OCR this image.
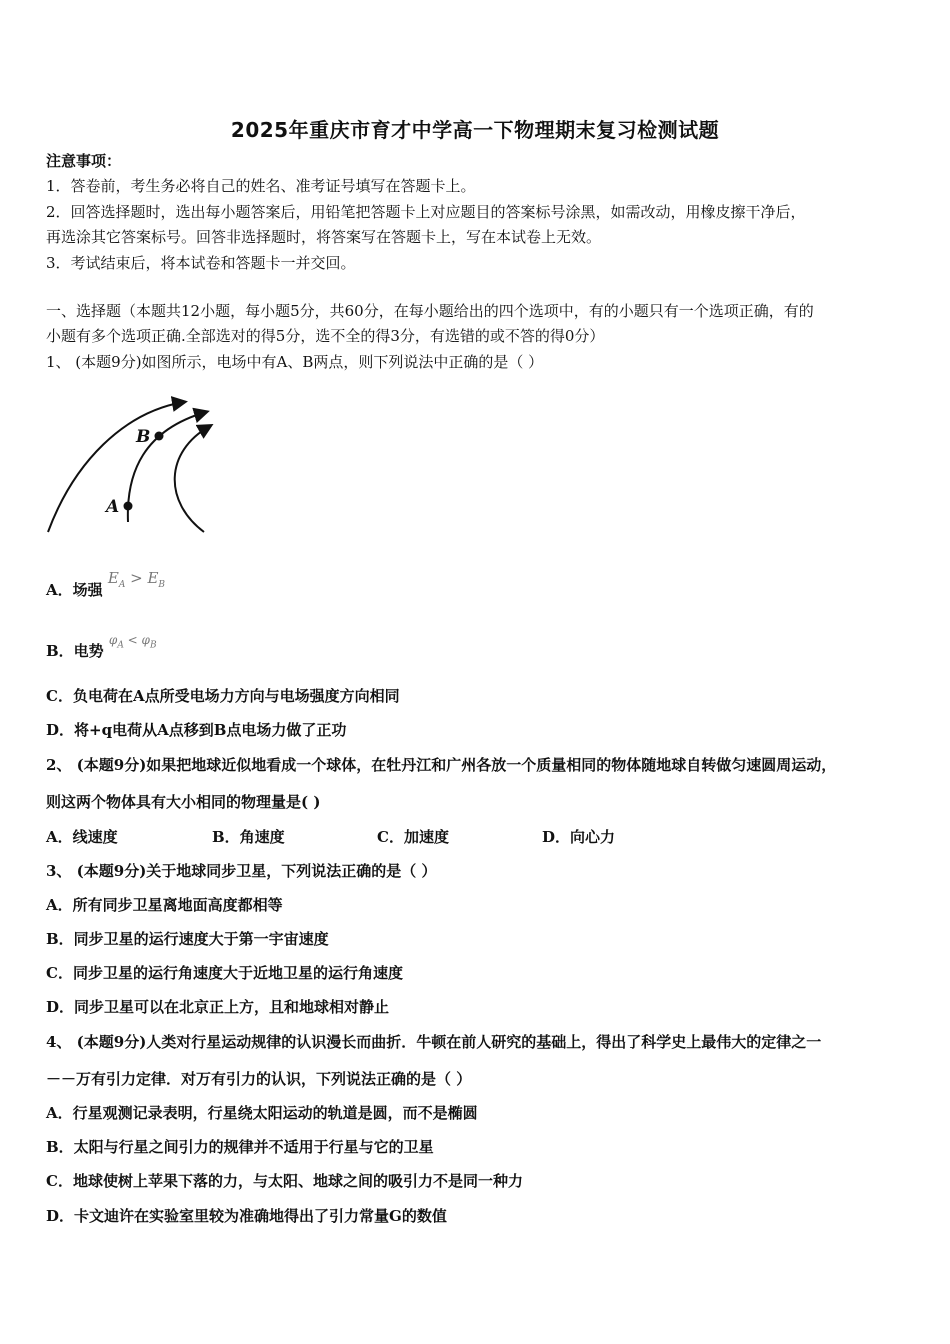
2025年重庆市育才中学高一下物理期末复习检测试题
注意事项：
1．答卷前，考生务必将自己的姓名、准考证号填写在答题卡上。
2．回答选择题时，选出每小题答案后，用铅笔把答题卡上对应题目的答案标号涂黑，如需改动，用橡皮擦干净后，
再选涂其它答案标号。回答非选择题时，将答案写在答题卡上，写在本试卷上无效。
3．考试结束后，将本试卷和答题卡一并交回。
一、选择题（本题共12小题，每小题5分，共60分，在每小题给出的四个选项中，有的小题只有一个选项正确，有的
小题有多个选项正确.全部选对的得5分，选不全的得3分，有选错的或不答的得0分）
1、 (本题9分)如图所示，电场中有A、B两点，则下列说法中正确的是（ ）
B
A
A．场强 $E_A > E_B$
B．电势 $^{\varphi_A < \varphi_B}$
C．负电荷在A点所受电场力方向与电场强度方向相同
D．将+q电荷从A点移到B点电场力做了正功
2、 (本题9分)如果把地球近似地看成一个球体，在牡丹江和广州各放一个质量相同的物体随地球自转做匀速圆周运动，
则这两个物体具有大小相同的物理量是( )
A．线速度	B．角速度	C．加速度	D．向心力
3、 (本题9分)关于地球同步卫星，下列说法正确的是（ ）
A．所有同步卫星离地面高度都相等
B．同步卫星的运行速度大于第一宇宙速度
C．同步卫星的运行角速度大于近地卫星的运行角速度
D．同步卫星可以在北京正上方，且和地球相对静止
4、 (本题9分)人类对行星运动规律的认识漫长而曲折．牛顿在前人研究的基础上，得出了科学史上最伟大的定律之一
－－万有引力定律．对万有引力的认识，下列说法正确的是（ ）
A．行星观测记录表明，行星绕太阳运动的轨道是圆，而不是椭圆
B．太阳与行星之间引力的规律并不适用于行星与它的卫星
C．地球使树上苹果下落的力，与太阳、地球之间的吸引力不是同一种力
D．卡文迪许在实验室里较为准确地得出了引力常量G的数值
